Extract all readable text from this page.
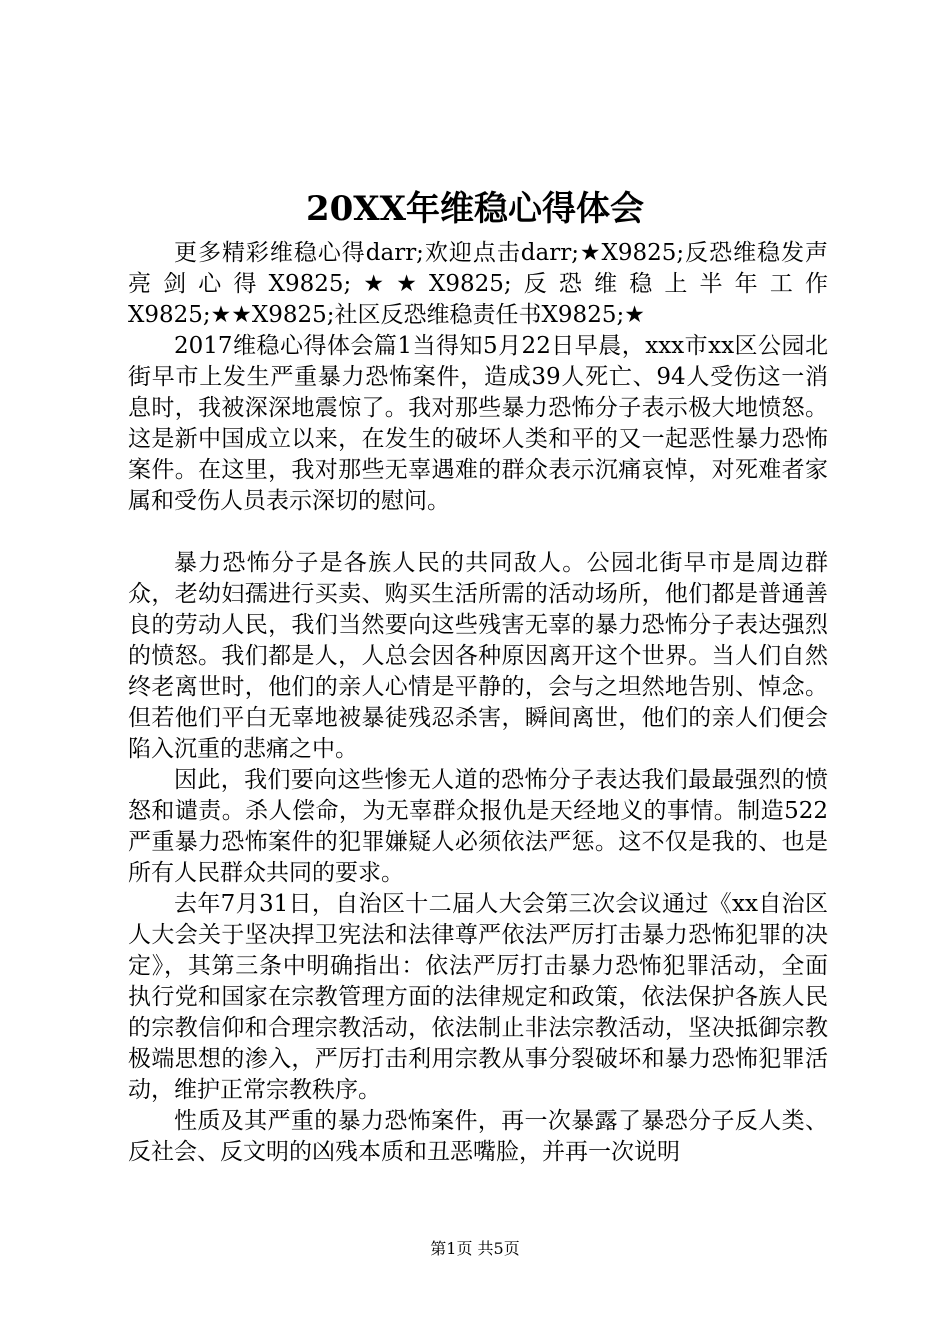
20XX年维稳心得体会

更多精彩维稳心得darr;欢迎点击darr;★X9825;反恐维稳发声亮剑心得X9825;★★X9825;反恐维稳上半年工作X9825;★★X9825;社区反恐维稳责任书X9825;★

2017维稳心得体会篇1当得知5月22日早晨，xxx市xx区公园北街早市上发生严重暴力恐怖案件，造成39人死亡、94人受伤这一消息时，我被深深地震惊了。我对那些暴力恐怖分子表示极大地愤怒。这是新中国成立以来，在发生的破坏人类和平的又一起恶性暴力恐怖案件。在这里，我对那些无辜遇难的群众表示沉痛哀悼，对死难者家属和受伤人员表示深切的慰问。

暴力恐怖分子是各族人民的共同敌人。公园北街早市是周边群众，老幼妇孺进行买卖、购买生活所需的活动场所，他们都是普通善良的劳动人民，我们当然要向这些残害无辜的暴力恐怖分子表达强烈的愤怒。我们都是人，人总会因各种原因离开这个世界。当人们自然终老离世时，他们的亲人心情是平静的，会与之坦然地告别、悼念。但若他们平白无辜地被暴徒残忍杀害，瞬间离世，他们的亲人们便会陷入沉重的悲痛之中。

因此，我们要向这些惨无人道的恐怖分子表达我们最最强烈的愤怒和谴责。杀人偿命，为无辜群众报仇是天经地义的事情。制造522严重暴力恐怖案件的犯罪嫌疑人必须依法严惩。这不仅是我的、也是所有人民群众共同的要求。

去年7月31日，自治区十二届人大会第三次会议通过《xx自治区人大会关于坚决捍卫宪法和法律尊严依法严厉打击暴力恐怖犯罪的决定》，其第三条中明确指出：依法严厉打击暴力恐怖犯罪活动，全面执行党和国家在宗教管理方面的法律规定和政策，依法保护各族人民的宗教信仰和合理宗教活动，依法制止非法宗教活动，坚决抵御宗教极端思想的渗入，严厉打击利用宗教从事分裂破坏和暴力恐怖犯罪活动，维护正常宗教秩序。

性质及其严重的暴力恐怖案件，再一次暴露了暴恐分子反人类、反社会、反文明的凶残本质和丑恶嘴脸，并再一次说明

第1页 共5页
